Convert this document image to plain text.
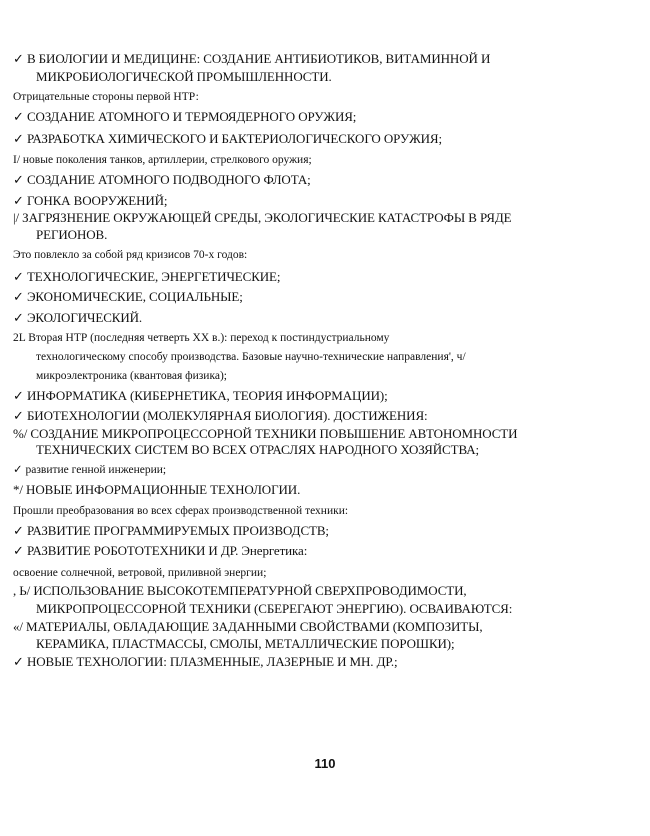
✓ В БИОЛОГИИ И МЕДИЦИНЕ: СОЗДАНИЕ АНТИБИОТИКОВ, ВИТАМИННОЙ И
МИКРОБИОЛОГИЧЕСКОЙ ПРОМЫШЛЕННОСТИ.
Отрицательные стороны первой НТР:
✓ СОЗДАНИЕ АТОМНОГО И ТЕРМОЯДЕРНОГО ОРУЖИЯ;
✓ РАЗРАБОТКА ХИМИЧЕСКОГО И БАКТЕРИОЛОГИЧЕСКОГО ОРУЖИЯ;
I/ новые поколения танков, артиллерии, стрелкового оружия;
✓ СОЗДАНИЕ АТОМНОГО ПОДВОДНОГО ФЛОТА;
✓ ГОНКА ВООРУЖЕНИЙ;
|/ ЗАГРЯЗНЕНИЕ ОКРУЖАЮЩЕЙ СРЕДЫ, ЭКОЛОГИЧЕСКИЕ КАТАСТРОФЫ В РЯДЕ
РЕГИОНОВ.
Это повлекло за собой ряд кризисов 70-х годов:
✓ ТЕХНОЛОГИЧЕСКИЕ, ЭНЕРГЕТИЧЕСКИЕ;
✓ ЭКОНОМИЧЕСКИЕ, СОЦИАЛЬНЫЕ;
✓ ЭКОЛОГИЧЕСКИЙ.
2L Вторая НТР (последняя четверть XX в.): переход к постиндустриальному
технологическому способу производства. Базовые научно-технические направления', ч/
микроэлектроника (квантовая физика);
✓ ИНФОРМАТИКА (КИБЕРНЕТИКА, ТЕОРИЯ ИНФОРМАЦИИ);
✓ БИОТЕХНОЛОГИИ (МОЛЕКУЛЯРНАЯ БИОЛОГИЯ). ДОСТИЖЕНИЯ:
%/ СОЗДАНИЕ МИКРОПРОЦЕССОРНОЙ ТЕХНИКИ ПОВЫШЕНИЕ АВТОНОМНОСТИ
ТЕХНИЧЕСКИХ СИСТЕМ ВО ВСЕХ ОТРАСЛЯХ НАРОДНОГО ХОЗЯЙСТВА;
✓ развитие генной инженерии;
*/ НОВЫЕ ИНФОРМАЦИОННЫЕ ТЕХНОЛОГИИ.
Прошли преобразования во всех сферах производственной техники:
✓ РАЗВИТИЕ ПРОГРАММИРУЕМЫХ ПРОИЗВОДСТВ;
✓ РАЗВИТИЕ РОБОТОТЕХНИКИ И ДР. Энергетика:
освоение солнечной, ветровой, приливной энергии;
, Ь/ ИСПОЛЬЗОВАНИЕ ВЫСОКОТЕМПЕРАТУРНОЙ СВЕРХПРОВОДИМОСТИ,
МИКРОПРОЦЕССОРНОЙ ТЕХНИКИ (СБЕРЕГАЮТ ЭНЕРГИЮ). ОСВАИВАЮТСЯ:
«/ МАТЕРИАЛЫ, ОБЛАДАЮЩИЕ ЗАДАННЫМИ СВОЙСТВАМИ (КОМПОЗИТЫ,
КЕРАМИКА, ПЛАСТМАССЫ, СМОЛЫ, МЕТАЛЛИЧЕСКИЕ ПОРОШКИ);
✓ НОВЫЕ ТЕХНОЛОГИИ: ПЛАЗМЕННЫЕ, ЛАЗЕРНЫЕ И МН. ДР.;
110
